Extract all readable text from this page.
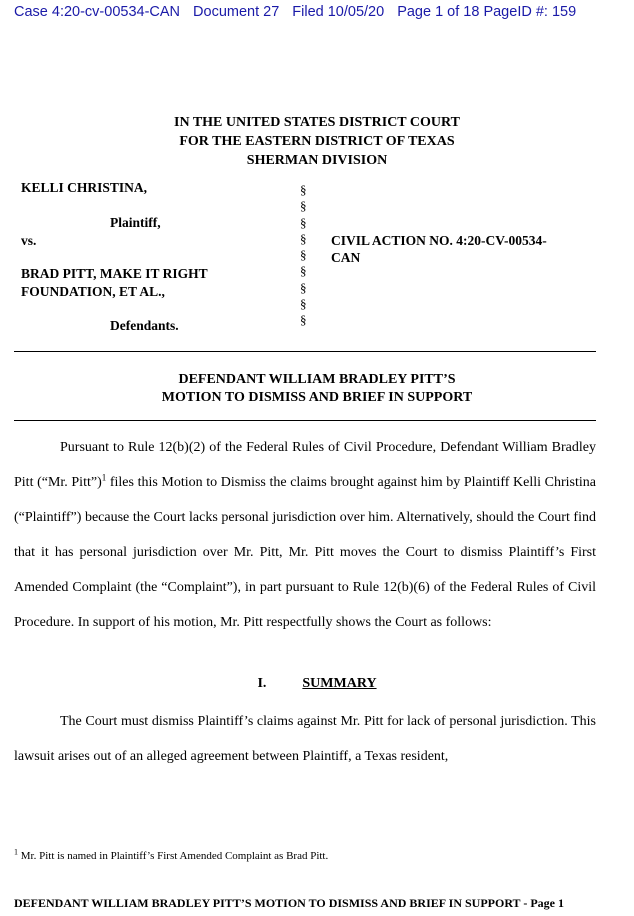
Case 4:20-cv-00534-CAN Document 27 Filed 10/05/20 Page 1 of 18 PageID #: 159
IN THE UNITED STATES DISTRICT COURT
FOR THE EASTERN DISTRICT OF TEXAS
SHERMAN DIVISION
KELLI CHRISTINA,
Plaintiff,
vs.
BRAD PITT, MAKE IT RIGHT
FOUNDATION, ET AL.,
Defendants.
§
§
§
§
§
§
§
§
§
CIVIL ACTION NO. 4:20-CV-00534-
CAN
DEFENDANT WILLIAM BRADLEY PITT’S
MOTION TO DISMISS AND BRIEF IN SUPPORT
Pursuant to Rule 12(b)(2) of the Federal Rules of Civil Procedure, Defendant William Bradley Pitt (“Mr. Pitt”)$^1$ files this Motion to Dismiss the claims brought against him by Plaintiff Kelli Christina (“Plaintiff”) because the Court lacks personal jurisdiction over him. Alternatively, should the Court find that it has personal jurisdiction over Mr. Pitt, Mr. Pitt moves the Court to dismiss Plaintiff’s First Amended Complaint (the “Complaint”), in part pursuant to Rule 12(b)(6) of the Federal Rules of Civil Procedure. In support of his motion, Mr. Pitt respectfully shows the Court as follows:
I.	SUMMARY
The Court must dismiss Plaintiff’s claims against Mr. Pitt for lack of personal jurisdiction. This lawsuit arises out of an alleged agreement between Plaintiff, a Texas resident,
$^1$ Mr. Pitt is named in Plaintiff’s First Amended Complaint as Brad Pitt.
DEFENDANT WILLIAM BRADLEY PITT’S MOTION TO DISMISS AND BRIEF IN SUPPORT - Page 1
